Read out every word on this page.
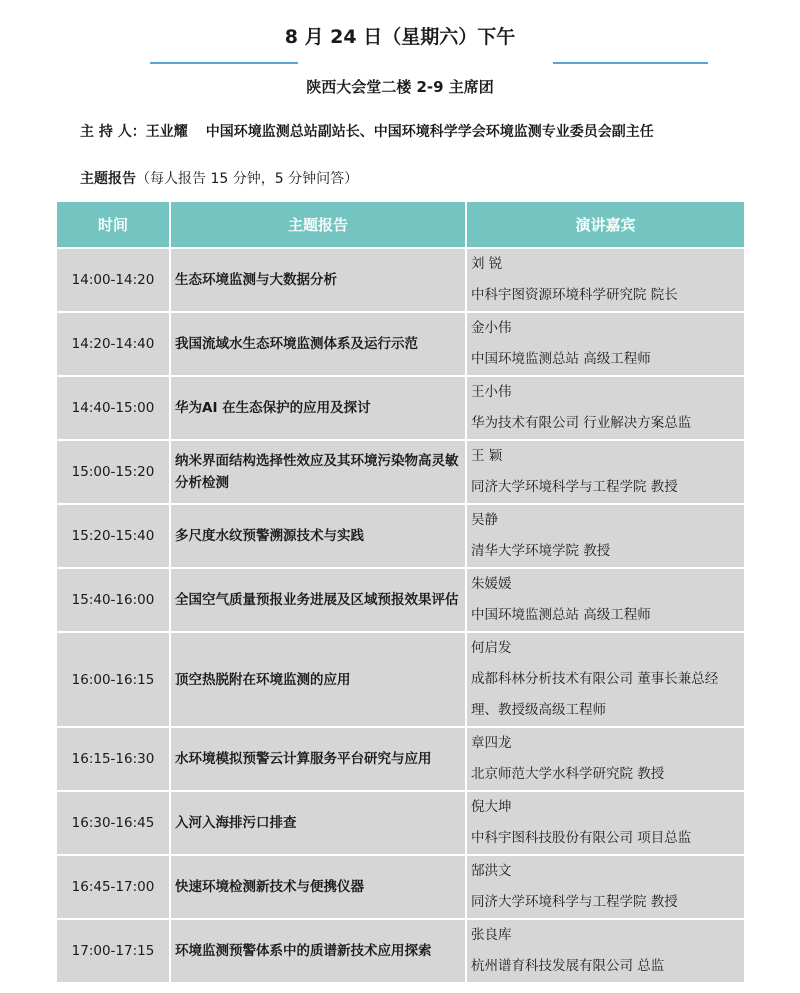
8 月 24 日（星期六）下午
陕西大会堂二楼 2-9 主席团
主 持 人：王业耀 中国环境监测总站副站长、中国环境科学学会环境监测专业委员会副主任
主题报告（每人报告 15 分钟，5 分钟问答）
时间	主题报告	演讲嘉宾
14:00-14:20	生态环境监测与大数据分析	刘 锐
中科宇图资源环境科学研究院 院长

14:20-14:40	我国流域水生态环境监测体系及运行示范	金小伟
中国环境监测总站 高级工程师

14:40-15:00	华为AI 在生态保护的应用及探讨	王小伟
华为技术有限公司 行业解决方案总监

15:00-15:20	纳米界面结构选择性效应及其环境污染物高灵敏分析检测	王 颖
同济大学环境科学与工程学院 教授

15:20-15:40	多尺度水纹预警溯源技术与实践	吴静
清华大学环境学院 教授

15:40-16:00	全国空气质量预报业务进展及区域预报效果评估	朱媛媛
中国环境监测总站 高级工程师

16:00-16:15	顶空热脱附在环境监测的应用	何启发
成都科林分析技术有限公司 董事长兼总经理、教授级高级工程师

16:15-16:30	水环境模拟预警云计算服务平台研究与应用	章四龙
北京师范大学水科学研究院 教授

16:30-16:45	入河入海排污口排查	倪大坤
中科宇图科技股份有限公司 项目总监

16:45-17:00	快速环境检测新技术与便携仪器	郜洪文
同济大学环境科学与工程学院 教授

17:00-17:15	环境监测预警体系中的质谱新技术应用探索	张良库
杭州谱育科技发展有限公司 总监
